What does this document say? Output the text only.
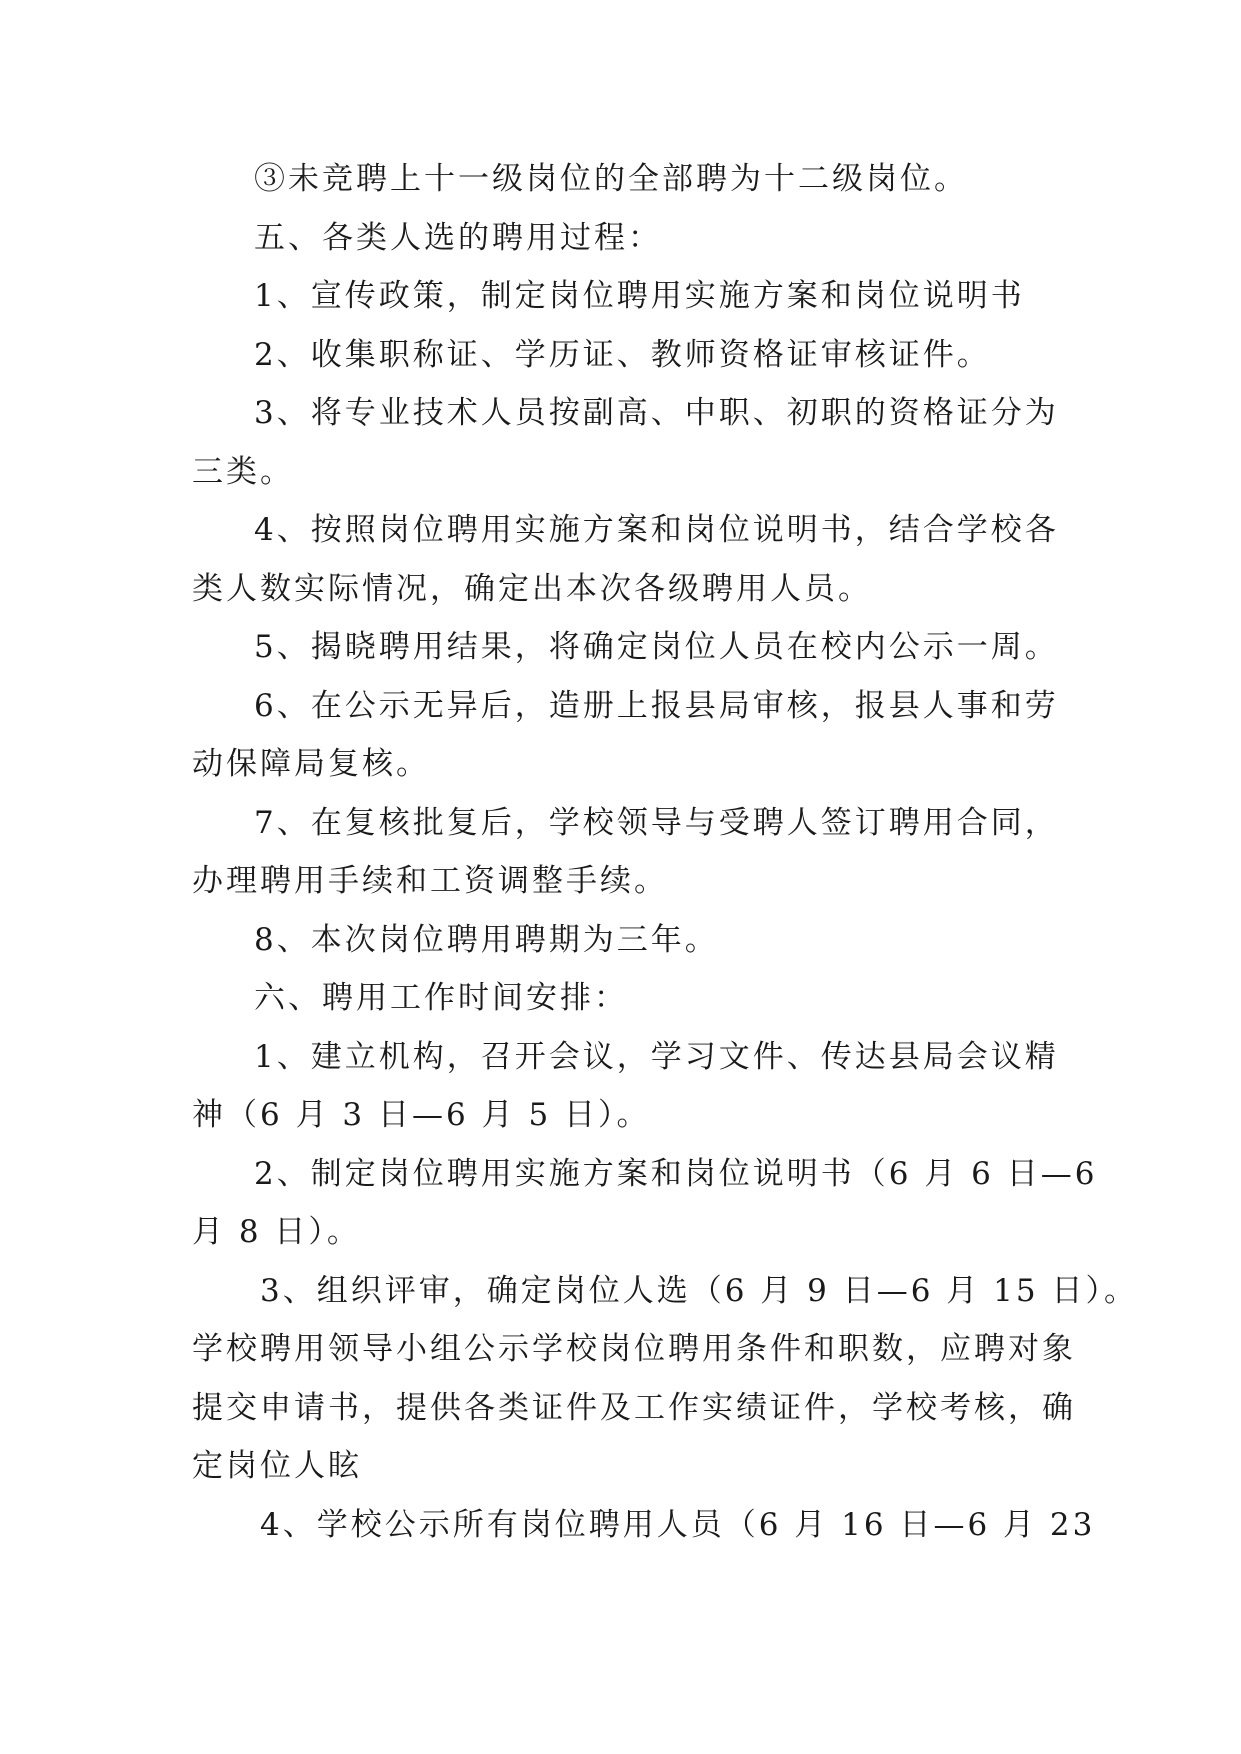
③未竞聘上十一级岗位的全部聘为十二级岗位。
五、各类人选的聘用过程：
1、宣传政策，制定岗位聘用实施方案和岗位说明书
2、收集职称证、学历证、教师资格证审核证件。
3、将专业技术人员按副高、中职、初职的资格证分为
三类。
4、按照岗位聘用实施方案和岗位说明书，结合学校各
类人数实际情况，确定出本次各级聘用人员。
5、揭晓聘用结果，将确定岗位人员在校内公示一周。
6、在公示无异后，造册上报县局审核，报县人事和劳
动保障局复核。
7、在复核批复后，学校领导与受聘人签订聘用合同，
办理聘用手续和工资调整手续。
8、本次岗位聘用聘期为三年。
六、聘用工作时间安排：
1、建立机构，召开会议，学习文件、传达县局会议精
神（6 月 3 日—6 月 5 日）。
2、制定岗位聘用实施方案和岗位说明书（6 月 6 日—6
月 8 日）。
3、组织评审，确定岗位人选（6 月 9 日—6 月 15 日）。
学校聘用领导小组公示学校岗位聘用条件和职数，应聘对象
提交申请书，提供各类证件及工作实绩证件，学校考核，确
定岗位人眩
4、学校公示所有岗位聘用人员（6 月 16 日—6 月 23
